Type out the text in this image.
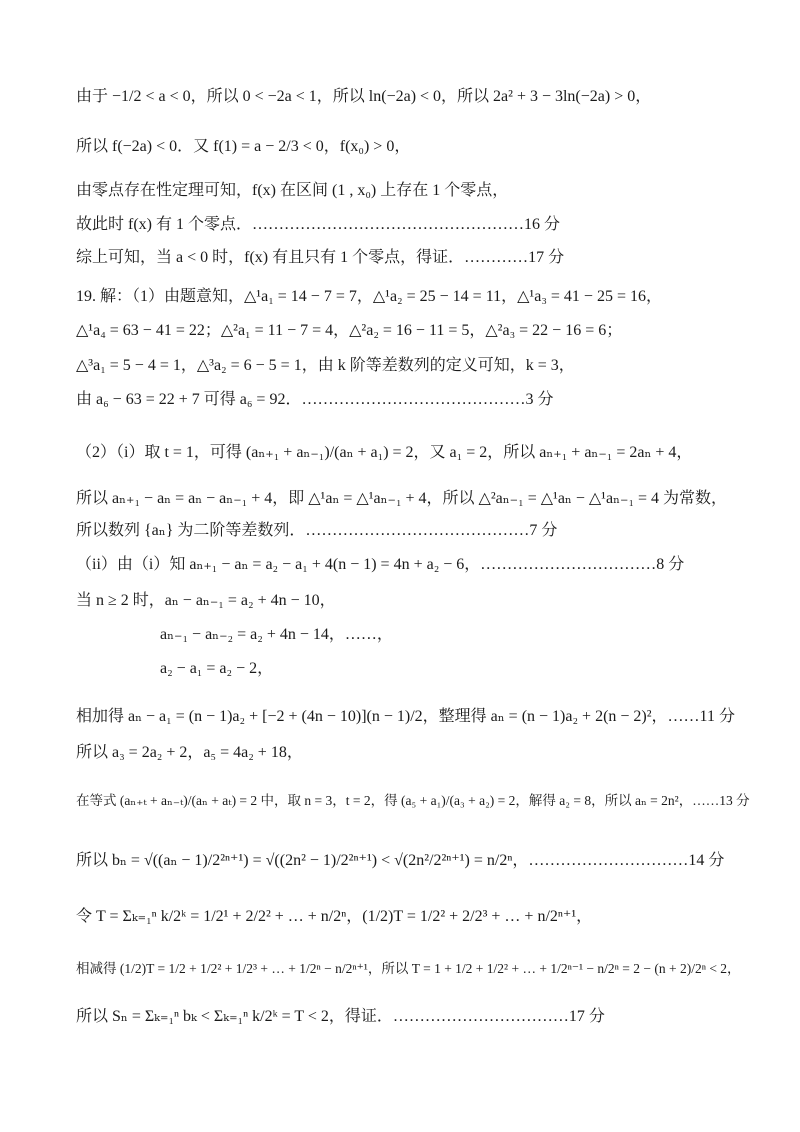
由于 −1/2 < a < 0，所以 0 < −2a < 1，所以 ln(−2a) < 0，所以 2a² + 3 − 3ln(−2a) > 0，
所以 f(−2a) < 0．又 f(1) = a − 2/3 < 0，f(x₀) > 0，
由零点存在性定理可知，f(x) 在区间 (1 , x₀) 上存在 1 个零点，
故此时 f(x) 有 1 个零点．……………………………………………16 分
综上可知，当 a < 0 时，f(x) 有且只有 1 个零点，得证．…………17 分
19. 解：（1）由题意知，△¹a₁ = 14 − 7 = 7，△¹a₂ = 25 − 14 = 11，△¹a₃ = 41 − 25 = 16，
△¹a₄ = 63 − 41 = 22；△²a₁ = 11 − 7 = 4，△²a₂ = 16 − 11 = 5，△²a₃ = 22 − 16 = 6；
△³a₁ = 5 − 4 = 1，△³a₂ = 6 − 5 = 1，由 k 阶等差数列的定义可知，k = 3，
由 a₆ − 63 = 22 + 7 可得 a₆ = 92．……………………………………3 分
（2）（i）取 t = 1，可得 (aₙ₊₁ + aₙ₋₁)/(aₙ + a₁) = 2，又 a₁ = 2，所以 aₙ₊₁ + aₙ₋₁ = 2aₙ + 4，
所以 aₙ₊₁ − aₙ = aₙ − aₙ₋₁ + 4，即 △¹aₙ = △¹aₙ₋₁ + 4，所以 △²aₙ₋₁ = △¹aₙ − △¹aₙ₋₁ = 4 为常数，
所以数列 {aₙ} 为二阶等差数列．……………………………………7 分
（ii）由（i）知 aₙ₊₁ − aₙ = a₂ − a₁ + 4(n − 1) = 4n + a₂ − 6，……………………………8 分
当 n ≥ 2 时，aₙ − aₙ₋₁ = a₂ + 4n − 10，
aₙ₋₁ − aₙ₋₂ = a₂ + 4n − 14，……，
a₂ − a₁ = a₂ − 2，
相加得 aₙ − a₁ = (n − 1)a₂ + [−2 + (4n − 10)](n − 1)/2，整理得 aₙ = (n − 1)a₂ + 2(n − 2)²，……11 分
所以 a₃ = 2a₂ + 2，a₅ = 4a₂ + 18，
在等式 (aₙ₊ₜ + aₙ₋ₜ)/(aₙ + aₜ) = 2 中，取 n = 3，t = 2，得 (a₅ + a₁)/(a₃ + a₂) = 2，解得 a₂ = 8，所以 aₙ = 2n²，……13 分
所以 bₙ = √((aₙ − 1)/2²ⁿ⁺¹) = √((2n² − 1)/2²ⁿ⁺¹) < √(2n²/2²ⁿ⁺¹) = n/2ⁿ，…………………………14 分
令 T = Σₖ₌₁ⁿ k/2ᵏ = 1/2¹ + 2/2² + … + n/2ⁿ，(1/2)T = 1/2² + 2/2³ + … + n/2ⁿ⁺¹，
相减得 (1/2)T = 1/2 + 1/2² + 1/2³ + … + 1/2ⁿ − n/2ⁿ⁺¹，所以 T = 1 + 1/2 + 1/2² + … + 1/2ⁿ⁻¹ − n/2ⁿ = 2 − (n + 2)/2ⁿ < 2，
所以 Sₙ = Σₖ₌₁ⁿ bₖ < Σₖ₌₁ⁿ k/2ᵏ = T < 2，得证．……………………………17 分
